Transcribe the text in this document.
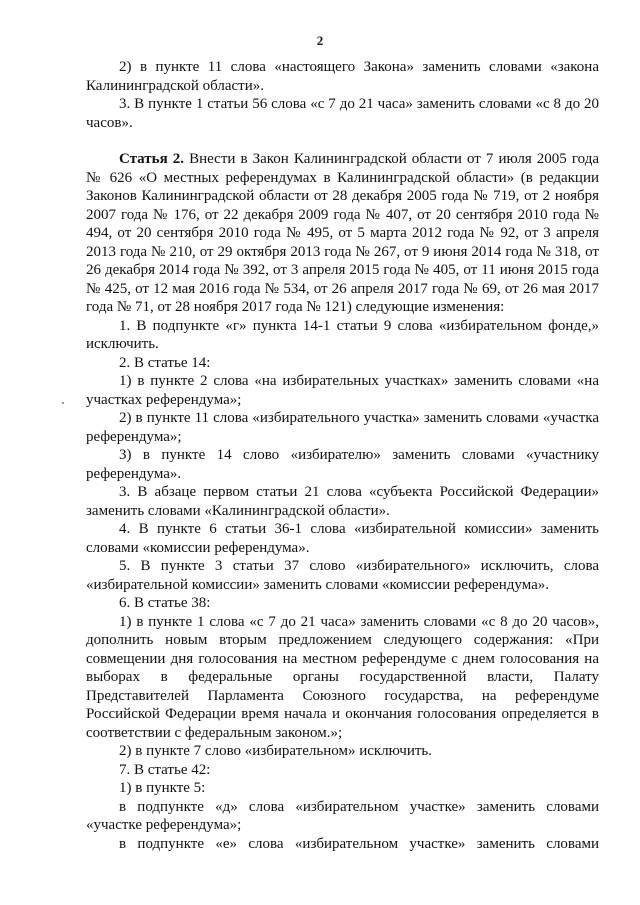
2

2) в пункте 11 слова «настоящего Закона» заменить словами «закона Калининградской области».

3. В пункте 1 статьи 56 слова «с 7 до 21 часа» заменить словами «с 8 до 20 часов».

Статья 2. Внести в Закон Калининградской области от 7 июля 2005 года № 626 «О местных референдумах в Калининградской области» (в редакции Законов Калининградской области от 28 декабря 2005 года № 719, от 2 ноября 2007 года № 176, от 22 декабря 2009 года № 407, от 20 сентября 2010 года № 494, от 20 сентября 2010 года № 495, от 5 марта 2012 года № 92, от 3 апреля 2013 года № 210, от 29 октября 2013 года № 267, от 9 июня 2014 года № 318, от 26 декабря 2014 года № 392, от 3 апреля 2015 года № 405, от 11 июня 2015 года № 425, от 12 мая 2016 года № 534, от 26 апреля 2017 года № 69, от 26 мая 2017 года № 71, от 28 ноября 2017 года № 121) следующие изменения:

1. В подпункте «г» пункта 14-1 статьи 9 слова «избирательном фонде,» исключить.

2. В статье 14:

1) в пункте 2 слова «на избирательных участках» заменить словами «на участках референдума»;

2) в пункте 11 слова «избирательного участка» заменить словами «участка референдума»;

3) в пункте 14 слово «избирателю» заменить словами «участнику референдума».

3. В абзаце первом статьи 21 слова «субъекта Российской Федерации» заменить словами «Калининградской области».

4. В пункте 6 статьи 36-1 слова «избирательной комиссии» заменить словами «комиссии референдума».

5. В пункте 3 статьи 37 слово «избирательного» исключить, слова «избирательной комиссии» заменить словами «комиссии референдума».

6. В статье 38:

1) в пункте 1 слова «с 7 до 21 часа» заменить словами «с 8 до 20 часов», дополнить новым вторым предложением следующего содержания: «При совмещении дня голосования на местном референдуме с днем голосования на выборах в федеральные органы государственной власти, Палату Представителей Парламента Союзного государства, на референдуме Российской Федерации время начала и окончания голосования определяется в соответствии с федеральным законом.»;

2) в пункте 7 слово «избирательном» исключить.

7. В статье 42:

1) в пункте 5:

в подпункте «д» слова «избирательном участке» заменить словами «участке референдума»;

в подпункте «е» слова «избирательном участке» заменить словами
